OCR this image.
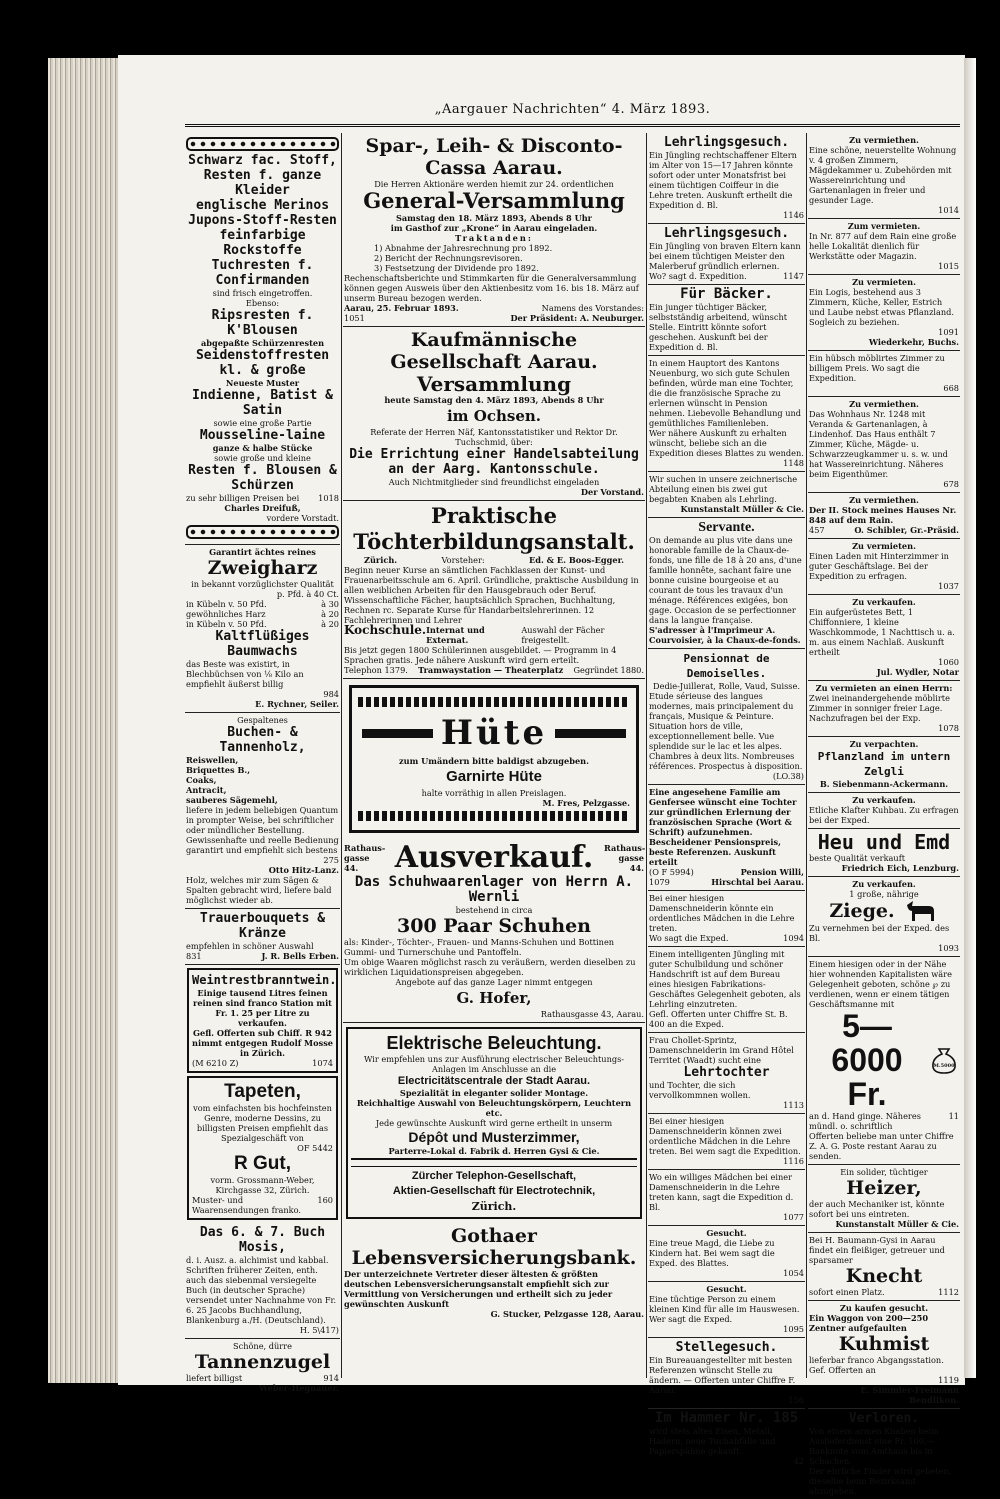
„Aargauer Nachrichten“ 4. März 1893.
Schwarz fac. Stoff,
Resten f. ganze Kleider
englische Merinos
Jupons-Stoff-Resten
feinfarbige Rockstoffe
Tuchresten f. Confirmanden
sind frisch eingetroffen.
Ebenso:
Ripsresten f. K'Blousen
abgepaßte Schürzenresten
Seidenstoffresten kl. & große
Neueste Muster
Indienne, Batist & Satin
sowie eine große Partie
Mousseline-laine
ganze & halbe Stücke
sowie große und kleine
Resten f. Blousen & Schürzen
zu sehr billigen Preisen bei 1018
Charles Dreifuß,
vordere Vorstadt.
Garantirt ächtes reines
Zweigharz
in bekannt vorzüglichster Qualität
p. Pfd. à 40 Ct.
in Kübeln v. 50 Pfd.	à 30
gewöhnliches Harz	à 20
in Kübeln v. 50 Pfd.	à 20
Kaltflüßiges Baumwachs
das Beste was existirt, in Blechbüchsen von ⅛ Kilo an empfiehlt äußerst billig
984
E. Rychner, Seiler.
Gespaltenes
Buchen- & Tannenholz,
Reiswellen,
Briquettes B.,
Coaks,
Antracit,
sauberes Sägemehl,
liefere in jedem beliebigen Quantum in prompter Weise, bei schriftlicher oder mündlicher Bestellung.
Gewissenhafte und reelle Bedienung garantirt und empfiehlt sich bestens
275
Otto Hitz-Lanz.
Holz, welches mir zum Sägen & Spalten gebracht wird, liefere bald möglichst wieder ab.
Trauerbouquets & Kränze
empfehlen in schöner Auswahl
831	J. R. Bells Erben.
Weintrestbranntwein.
Einige tausend Litres feinen reinen sind franco Station mit Fr. 1. 25 per Litre zu verkaufen.
Gefl. Offerten sub Chiff. R 942 nimmt entgegen Rudolf Mosse in Zürich.
(M 6210 Z)	1074
Tapeten,
vom einfachsten bis hochfeinsten Genre, moderne Dessins, zu billigsten Preisen empfiehlt das Spezialgeschäft von
OF 5442
R Gut,
vorm. Grossmann-Weber, Kirchgasse 32, Zürich.
Muster- und Waarensendungen franko.
160
Das 6. & 7. Buch Mosis,
d. i. Ausz. a. alchimist und kabbal. Schriften früherer Zeiten, enth. auch das siebenmal versiegelte Buch (in deutscher Sprache) versendet unter Nachnahme von Fr. 6. 25 Jacobs Buchhandlung, Blankenburg a./H. (Deutschland).
H. 5\417)
Schöne, dürre
Tannenzugel
liefert billigst	914
Weber-Hegnauer.
Spar-, Leih- & Disconto-Cassa Aarau.
Die Herren Aktionäre werden hiemit zur 24. ordentlichen
General-Versammlung
Samstag den 18. März 1893, Abends 8 Uhr
im Gasthof zur „Krone“ in Aarau eingeladen.
Traktanden:
1) Abnahme der Jahresrechnung pro 1892.
2) Bericht der Rechnungsrevisoren.
3) Festsetzung der Dividende pro 1892.
Rechenschaftsberichte und Stimmkarten für die Generalversammlung können gegen Ausweis über den Aktienbesitz vom 16. bis 18. März auf unserm Bureau bezogen werden.
Aarau, 25. Februar 1893.	Namens des Vorstandes:
1051	Der Präsident: A. Neuburger.
Kaufmännische Gesellschaft Aarau.
Versammlung
heute Samstag den 4. März 1893, Abends 8 Uhr
im Ochsen.
Referate der Herren Näf, Kantonsstatistiker und Rektor Dr. Tuchschmid, über:
Die Errichtung einer Handelsabteilung an der Aarg. Kantonsschule.
Auch Nichtmitglieder sind freundlichst eingeladen
Der Vorstand.
Praktische Töchterbildungsanstalt.
Zürich.	Vorsteher:	Ed. & E. Boos-Egger.
Beginn neuer Kurse an sämtlichen Fachklassen der Kunst- und Frauenarbeitsschule am 6. April. Gründliche, praktische Ausbildung in allen weiblichen Arbeiten für den Hausgebrauch oder Beruf. Wissenschaftliche Fächer, hauptsächlich Sprachen, Buchhaltung, Rechnen rc. Separate Kurse für Handarbeitslehrerinnen. 12 Fachlehrerinnen und Lehrer
Kochschule. Internat und Externat.
Auswahl der Fächer freigestellt.
Bis jetzt gegen 1800 Schülerinnen ausgebildet. — Programm in 4 Sprachen gratis. Jede nähere Auskunft wird gern erteilt.
Telephon 1379. Tramwaystation — Theaterplatz Gegründet 1880.
Hüte
zum Umändern bitte baldigst abzugeben.
Garnirte Hüte
halte vorräthig in allen Preislagen.
M. Fres, Pelzgasse.
Rathaus-gasse 44.	Ausverkauf. Rathaus-gasse 44.
Das Schuhwaarenlager von Herrn A. Wernli
bestehend in circa
300 Paar Schuhen
als: Kinder-, Töchter-, Frauen- und Manns-Schuhen und Bottinen Gummi- und Turnerschuhe und Pantoffeln.
Um obige Waaren möglichst rasch zu veräußern, werden dieselben zu wirklichen Liquidationspreisen abgegeben.
Angebote auf das ganze Lager nimmt entgegen
G. Hofer,
Rathausgasse 43, Aarau.
Elektrische Beleuchtung.
Wir empfehlen uns zur Ausführung electrischer Beleuchtungs-Anlagen im Anschlusse an die
Electricitätscentrale der Stadt Aarau.
Spezialität in eleganter solider Montage.
Reichhaltige Auswahl von Beleuchtungskörpern, Leuchtern etc.
Jede gewünschte Auskunft wird gerne ertheilt in unserm
Dépôt und Musterzimmer,
Parterre-Lokal d. Fabrik d. Herren Gysi & Cie.
Zürcher Telephon-Gesellschaft,
Aktien-Gesellschaft für Electrotechnik,
Zürich.
Gothaer Lebensversicherungsbank.
Der unterzeichnete Vertreter dieser ältesten & größten deutschen Lebensversicherungsanstalt empfiehlt sich zur Vermittlung von Versicherungen und ertheilt sich zu jeder gewünschten Auskunft
G. Stucker, Pelzgasse 128, Aarau.
Lehrlingsgesuch.
Ein Jüngling rechtschaffener Eltern im Alter von 15—17 Jahren könnte sofort oder unter Monatsfrist bei einem tüchtigen Coiffeur in die Lehre treten. Auskunft ertheilt die Expedition d. Bl.
1146
Lehrlingsgesuch.
Ein Jüngling von braven Eltern kann bei einem tüchtigen Meister den Malerberuf gründlich erlernen.
Wo? sagt d. Expedition.	1147
Für Bäcker.
Ein junger tüchtiger Bäcker, selbstständig arbeitend, wünscht Stelle. Eintritt könnte sofort geschehen. Auskunft bei der Expedition d. Bl.
In einem Hauptort des Kantons Neuenburg, wo sich gute Schulen befinden, würde man eine Tochter, die die französische Sprache zu erlernen wünscht in Pension nehmen. Liebevolle Behandlung und gemüthliches Familienleben.
Wer nähere Auskunft zu erhalten wünscht, beliebe sich an die Expedition dieses Blattes zu wenden.
1148
Wir suchen in unsere zeichnerische Abteilung einen bis zwei gut begabten Knaben als Lehrling.
Kunstanstalt Müller & Cie.
Servante.
On demande au plus vite dans une honorable famille de la Chaux-de-fonds, une fille de 18 à 20 ans, d'une famille honnête, sachant faire une bonne cuisine bourgeoise et au courant de tous les travaux d'un ménage. Références exigées, bon gage. Occasion de se perfectionner dans la langue française.
S'adresser à l'Imprimeur A. Courvoisier, à la Chaux-de-fonds.
Pensionnat de Demoiselles.
Dedie-Juillerat, Rolle, Vaud, Suisse.
Etude sérieuse des langues modernes, mais principalement du français, Musique & Peinture. Situation hors de ville, exceptionnellement belle. Vue splendide sur le lac et les alpes. Chambres à deux lits. Nombreuses références. Prospectus à disposition.
(LO.38)
Eine angesehene Familie am Genfersee wünscht eine Tochter zur gründlichen Erlernung der französischen Sprache (Wort & Schrift) aufzunehmen. Bescheidener Pensionspreis, beste Referenzen. Auskunft erteilt
(O F 5994)	Pension Willi,
1079	Hirschtal bei Aarau.
Bei einer hiesigen Damenschneiderin könnte ein ordentliches Mädchen in die Lehre treten.
Wo sagt die Exped.	1094
Einem intelligenten Jüngling mit guter Schulbildung und schöner Handschrift ist auf dem Bureau eines hiesigen Fabrikations-Geschäftes Gelegenheit geboten, als Lehrling einzutreten.
Gefl. Offerten unter Chiffre St. B. 400 an die Exped.
Frau Chollet-Sprintz, Damenschneiderin im Grand Hôtel Territet (Waadt) sucht eine
Lehrtochter
und Tochter, die sich vervollkommnen wollen.
1113
Bei einer hiesigen Damenschneiderin können zwei ordentliche Mädchen in die Lehre treten. Bei wem sagt die Expedition.
1116
Wo ein williges Mädchen bei einer Damenschneiderin in die Lehre treten kann, sagt die Expedition d. Bl.
1077
Gesucht.
Eine treue Magd, die Liebe zu Kindern hat. Bei wem sagt die Exped. des Blattes.
1054
Gesucht.
Eine tüchtige Person zu einem kleinen Kind für alle im Hauswesen. Wer sagt die Exped.
1095
Stellegesuch.
Ein Bureauangestellter mit besten Referenzen wünscht Stelle zu ändern. — Offerten unter Chiffre F. Aarau.
156
Im Hammer Nr. 185
wird stets altes Eisen, Metall, Hadern, neue Tuchabfälle und Papierspähne gekauft.
42
Zu vermiethen.
Eine schöne, neuerstellte Wohnung v. 4 großen Zimmern, Mägdekammer u. Zubehörden mit Wassereinrichtung und Gartenanlagen in freier und gesunder Lage.
1014
Zum vermieten.
In Nr. 877 auf dem Rain eine große helle Lokalität dienlich für Werkstätte oder Magazin.
1015
Zu vermieten.
Ein Logis, bestehend aus 3 Zimmern, Küche, Keller, Estrich und Laube nebst etwas Pflanzland. Sogleich zu beziehen.
1091
Wiederkehr, Buchs.
Ein hübsch möblirtes Zimmer zu billigem Preis. Wo sagt die Expedition.
668
Zu vermiethen.
Das Wohnhaus Nr. 1248 mit Veranda & Gartenanlagen, à Lindenhof. Das Haus enthält 7 Zimmer, Küche, Mägde- u. Schwarzzeugkammer u. s. w. und hat Wassereinrichtung. Näheres beim Eigenthümer.
678
Zu vermiethen.
Der II. Stock meines Hauses Nr. 848 auf dem Rain.
457	O. Schibler, Gr.-Präsid.
Zu vermieten.
Einen Laden mit Hinterzimmer in guter Geschäftslage. Bei der Expedition zu erfragen.
1037
Zu verkaufen.
Ein aufgerüstetes Bett, 1 Chiffonniere, 1 kleine Waschkommode, 1 Nachttisch u. a. m. aus einem Nachlaß. Auskunft ertheilt
1060
Jul. Wydler, Notar
Zu vermieten an einen Herrn:
Zwei ineinandergehende möblirte Zimmer in sonniger freier Lage. Nachzufragen bei der Exp.
1078
Zu verpachten.
Pflanzland im untern Zelgli
B. Siebenmann-Ackermann.
Zu verkaufen.
Etliche Klafter Kuhbau. Zu erfragen bei der Exped.
Heu und Emd
beste Qualität verkauft
Friedrich Eich, Lenzburg.
Zu verkaufen.
1 große, nährige
Ziege.
Zu vernehmen bei der Exped. des Bl.
1093
Einem hiesigen oder in der Nähe hier wohnenden Kapitalisten wäre Gelegenheit geboten, schöne ℘ zu verdienen, wenn er einem tätigen Geschäftsmanne mit
5—6000 Fr.
M.5000
an d. Hand ginge. Näheres mündl. o. schriftlich
11
Offerten beliebe man unter Chiffre Z. A. G. Poste restant Aarau zu senden.
Ein solider, tüchtiger
Heizer,
der auch Mechaniker ist, könnte sofort bei uns eintreten.
Kunstanstalt Müller & Cie.
Bei H. Baumann-Gysi in Aarau findet ein fleißiger, getreuer und sparsamer
Knecht
sofort einen Platz.	1112
Zu kaufen gesucht.
Ein Waggon von 200—250 Zentner aufgefaulten
Kuhmist
lieferbar franco Abgangsstation. Gef. Offerten an
1119
E. Simmler-Freimann Bendlikon.
Verloren.
Von einem armen Knaben beim Auslieferdienst eine Fr. 100.— Banknote vom Amthaus bis in Schachen.
Der ehrliche Finder wird gebeten, dieselbe beim Bezirksamt abzugeben.
